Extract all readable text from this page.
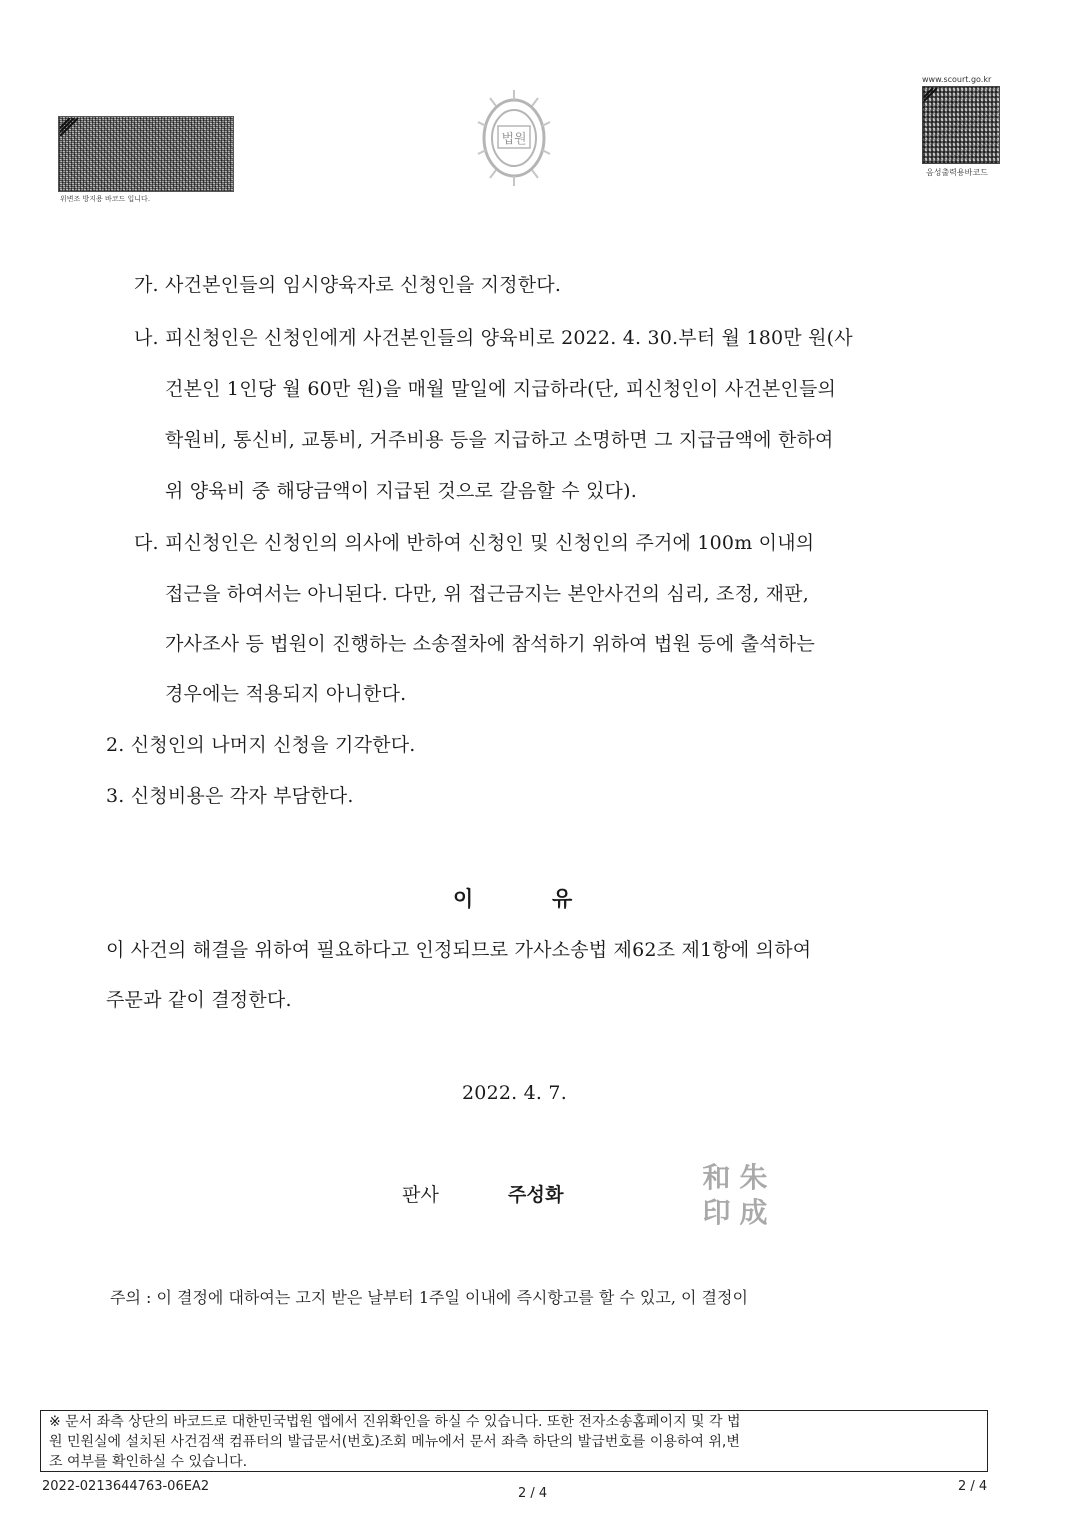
위변조 방지용 바코드 입니다.
법원
www.scourt.go.kr
음성출력용바코드
가. 사건본인들의 임시양육자로 신청인을 지정한다.
나. 피신청인은 신청인에게 사건본인들의 양육비로 2022. 4. 30.부터 월 180만 원(사
건본인 1인당 월 60만 원)을 매월 말일에 지급하라(단, 피신청인이 사건본인들의
학원비, 통신비, 교통비, 거주비용 등을 지급하고 소명하면 그 지급금액에 한하여
위 양육비 중 해당금액이 지급된 것으로 갈음할 수 있다).
다. 피신청인은 신청인의 의사에 반하여 신청인 및 신청인의 주거에 100m 이내의
접근을 하여서는 아니된다. 다만, 위 접근금지는 본안사건의 심리, 조정, 재판,
가사조사 등 법원이 진행하는 소송절차에 참석하기 위하여 법원 등에 출석하는
경우에는 적용되지 아니한다.
2. 신청인의 나머지 신청을 기각한다.
3. 신청비용은 각자 부담한다.
이	유
이 사건의 해결을 위하여 필요하다고 인정되므로 가사소송법 제62조 제1항에 의하여
주문과 같이 결정한다.
2022. 4. 7.
판사	주성화
和 朱
印 成
주의 : 이 결정에 대하여는 고지 받은 날부터 1주일 이내에 즉시항고를 할 수 있고, 이 결정이
※ 문서 좌측 상단의 바코드로 대한민국법원 앱에서 진위확인을 하실 수 있습니다. 또한 전자소송홈페이지 및 각 법
원 민원실에 설치된 사건검색 컴퓨터의 발급문서(번호)조회 메뉴에서 문서 좌측 하단의 발급번호를 이용하여 위,변
조 여부를 확인하실 수 있습니다.
2022-0213644763-06EA2	2 / 4	2 / 4
